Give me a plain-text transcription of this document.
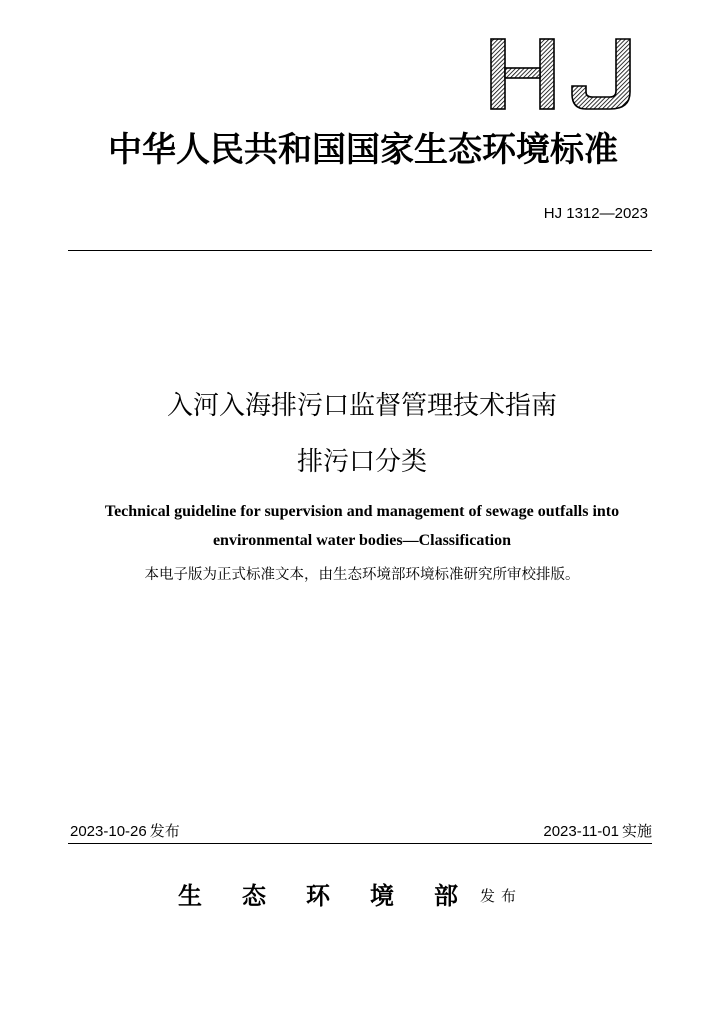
中华人民共和国国家生态环境标准
HJ 1312—2023
入河入海排污口监督管理技术指南
排污口分类
Technical guideline for supervision and management of sewage outfalls into
environmental water bodies—Classification
本电子版为正式标准文本，由生态环境部环境标准研究所审校排版。
2023-10-26 发布	2023-11-01 实施
生 态 环 境 部 发布
